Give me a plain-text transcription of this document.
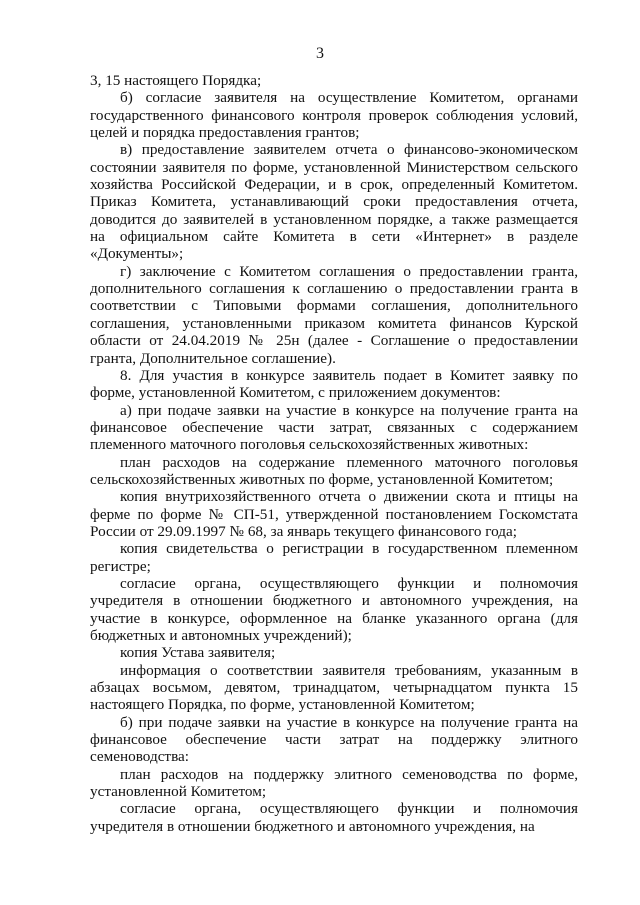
3

3, 15 настоящего Порядка;

б) согласие заявителя на осуществление Комитетом, органами государственного финансового контроля проверок соблюдения условий, целей и порядка предоставления грантов;

в) предоставление заявителем отчета о финансово-экономическом состоянии заявителя по форме, установленной Министерством сельского хозяйства Российской Федерации, и в срок, определенный Комитетом. Приказ Комитета, устанавливающий сроки предоставления отчета, доводится до заявителей в установленном порядке, а также размещается на официальном сайте Комитета в сети «Интернет» в разделе «Документы»;

г) заключение с Комитетом соглашения о предоставлении гранта, дополнительного соглашения к соглашению о предоставлении гранта в соответствии с Типовыми формами соглашения, дополнительного соглашения, установленными приказом комитета финансов Курской области от 24.04.2019 № 25н (далее - Соглашение о предоставлении гранта, Дополнительное соглашение).

8. Для участия в конкурсе заявитель подает в Комитет заявку по форме, установленной Комитетом, с приложением документов:

а) при подаче заявки на участие в конкурсе на получение гранта на финансовое обеспечение части затрат, связанных с содержанием племенного маточного поголовья сельскохозяйственных животных:

план расходов на содержание племенного маточного поголовья сельскохозяйственных животных по форме, установленной Комитетом;

копия внутрихозяйственного отчета о движении скота и птицы на ферме по форме № СП-51, утвержденной постановлением Госкомстата России от 29.09.1997 № 68, за январь текущего финансового года;

копия свидетельства о регистрации в государственном племенном регистре;

согласие органа, осуществляющего функции и полномочия учредителя в отношении бюджетного и автономного учреждения, на участие в конкурсе, оформленное на бланке указанного органа (для бюджетных и автономных учреждений);

копия Устава заявителя;

информация о соответствии заявителя требованиям, указанным в абзацах восьмом, девятом, тринадцатом, четырнадцатом пункта 15 настоящего Порядка, по форме, установленной Комитетом;

б) при подаче заявки на участие в конкурсе на получение гранта на финансовое обеспечение части затрат на поддержку элитного семеноводства:

план расходов на поддержку элитного семеноводства по форме, установленной Комитетом;

согласие органа, осуществляющего функции и полномочия учредителя в отношении бюджетного и автономного учреждения, на
